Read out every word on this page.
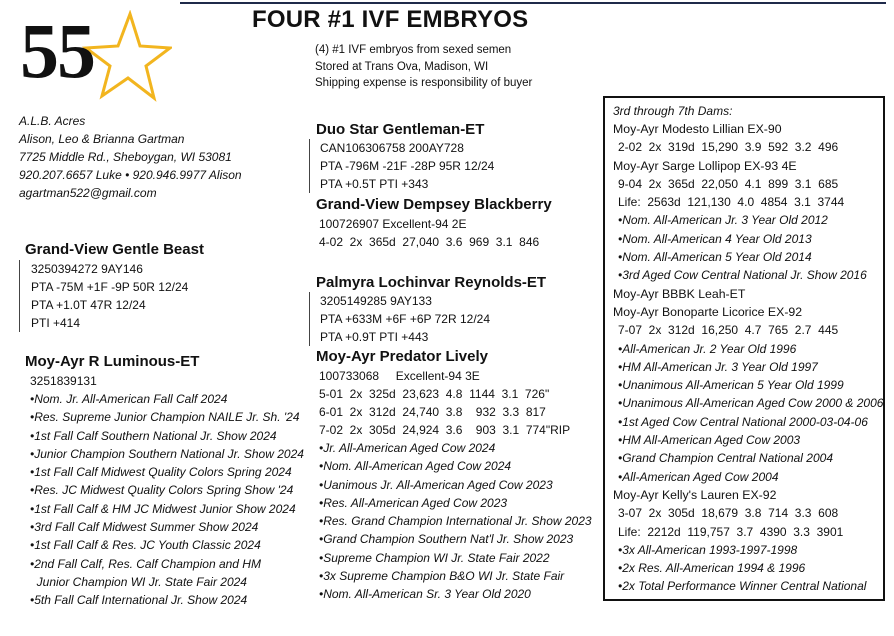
55	FOUR #1 IVF EMBRYOS
(4) #1 IVF embryos from sexed semen
Stored at Trans Ova, Madison, WI
Shipping expense is responsibility of buyer
A.L.B. Acres
Alison, Leo & Brianna Gartman
7725 Middle Rd., Sheboygan, WI 53081
920.207.6657 Luke • 920.946.9977 Alison
agartman522@gmail.com
Grand-View Gentle Beast
3250394272 9AY146
PTA -75M +1F -9P 50R 12/24
PTA +1.0T 47R 12/24
PTI +414
Moy-Ayr R Luminous-ET
3251839131
•Nom. Jr. All-American Fall Calf 2024
•Res. Supreme Junior Champion NAILE Jr. Sh. '24
•1st Fall Calf Southern National Jr. Show 2024
•Junior Champion Southern National Jr. Show 2024
•1st Fall Calf Midwest Quality Colors Spring 2024
•Res. JC Midwest Quality Colors Spring Show '24
•1st Fall Calf & HM JC Midwest Junior Show 2024
•3rd Fall Calf Midwest Summer Show 2024
•1st Fall Calf & Res. JC Youth Classic 2024
•2nd Fall Calf, Res. Calf Champion and HM
Junior Champion WI Jr. State Fair 2024
•5th Fall Calf International Jr. Show 2024
Duo Star Gentleman-ET
CAN106306758 200AY728
PTA -796M -21F -28P 95R 12/24
PTA +0.5T PTI +343
Grand-View Dempsey Blackberry
100726907 Excellent-94 2E
4-02  2x  365d  27,040  3.6  969  3.1  846
Palmyra Lochinvar Reynolds-ET
3205149285 9AY133
PTA +633M +6F +6P 72R 12/24
PTA +0.9T PTI +443
Moy-Ayr Predator Lively
100733068     Excellent-94 3E
5-01  2x  325d  23,623  4.8  1144  3.1  726"
6-01  2x  312d  24,740  3.8    932  3.3  817
7-02  2x  305d  24,924  3.6    903  3.1  774"RIP
•Jr. All-American Aged Cow 2024
•Nom. All-American Aged Cow 2024
•Uanimous Jr. All-American Aged Cow 2023
•Res. All-American Aged Cow 2023
•Res. Grand Champion International Jr. Show 2023
•Grand Champion Southern Nat'l Jr. Show 2023
•Supreme Champion WI Jr. State Fair 2022
•3x Supreme Champion B&O WI Jr. State Fair
•Nom. All-American Sr. 3 Year Old 2020
3rd through 7th Dams:
Moy-Ayr Modesto Lillian EX-90
2-02  2x  319d  15,290  3.9  592  3.2  496
Moy-Ayr Sarge Lollipop EX-93 4E
9-04  2x  365d  22,050  4.1  899  3.1  685
Life:  2563d  121,130  4.0  4854  3.1  3744
•Nom. All-American Jr. 3 Year Old 2012
•Nom. All-American 4 Year Old 2013
•Nom. All-American 5 Year Old 2014
•3rd Aged Cow Central National Jr. Show 2016
Moy-Ayr BBBK Leah-ET
Moy-Ayr Bonoparte Licorice EX-92
7-07  2x  312d  16,250  4.7  765  2.7  445
•All-American Jr. 2 Year Old 1996
•HM All-American Jr. 3 Year Old 1997
•Unanimous All-American 5 Year Old 1999
•Unanimous All-American Aged Cow 2000 & 2006
•1st Aged Cow Central National 2000-03-04-06
•HM All-American Aged Cow 2003
•Grand Champion Central National 2004
•All-American Aged Cow 2004
Moy-Ayr Kelly's Lauren EX-92
3-07  2x  305d  18,679  3.8  714  3.3  608
Life:  2212d  119,757  3.7  4390  3.3  3901
•3x All-American 1993-1997-1998
•2x Res. All-American 1994 & 1996
•2x Total Performance Winner Central National
